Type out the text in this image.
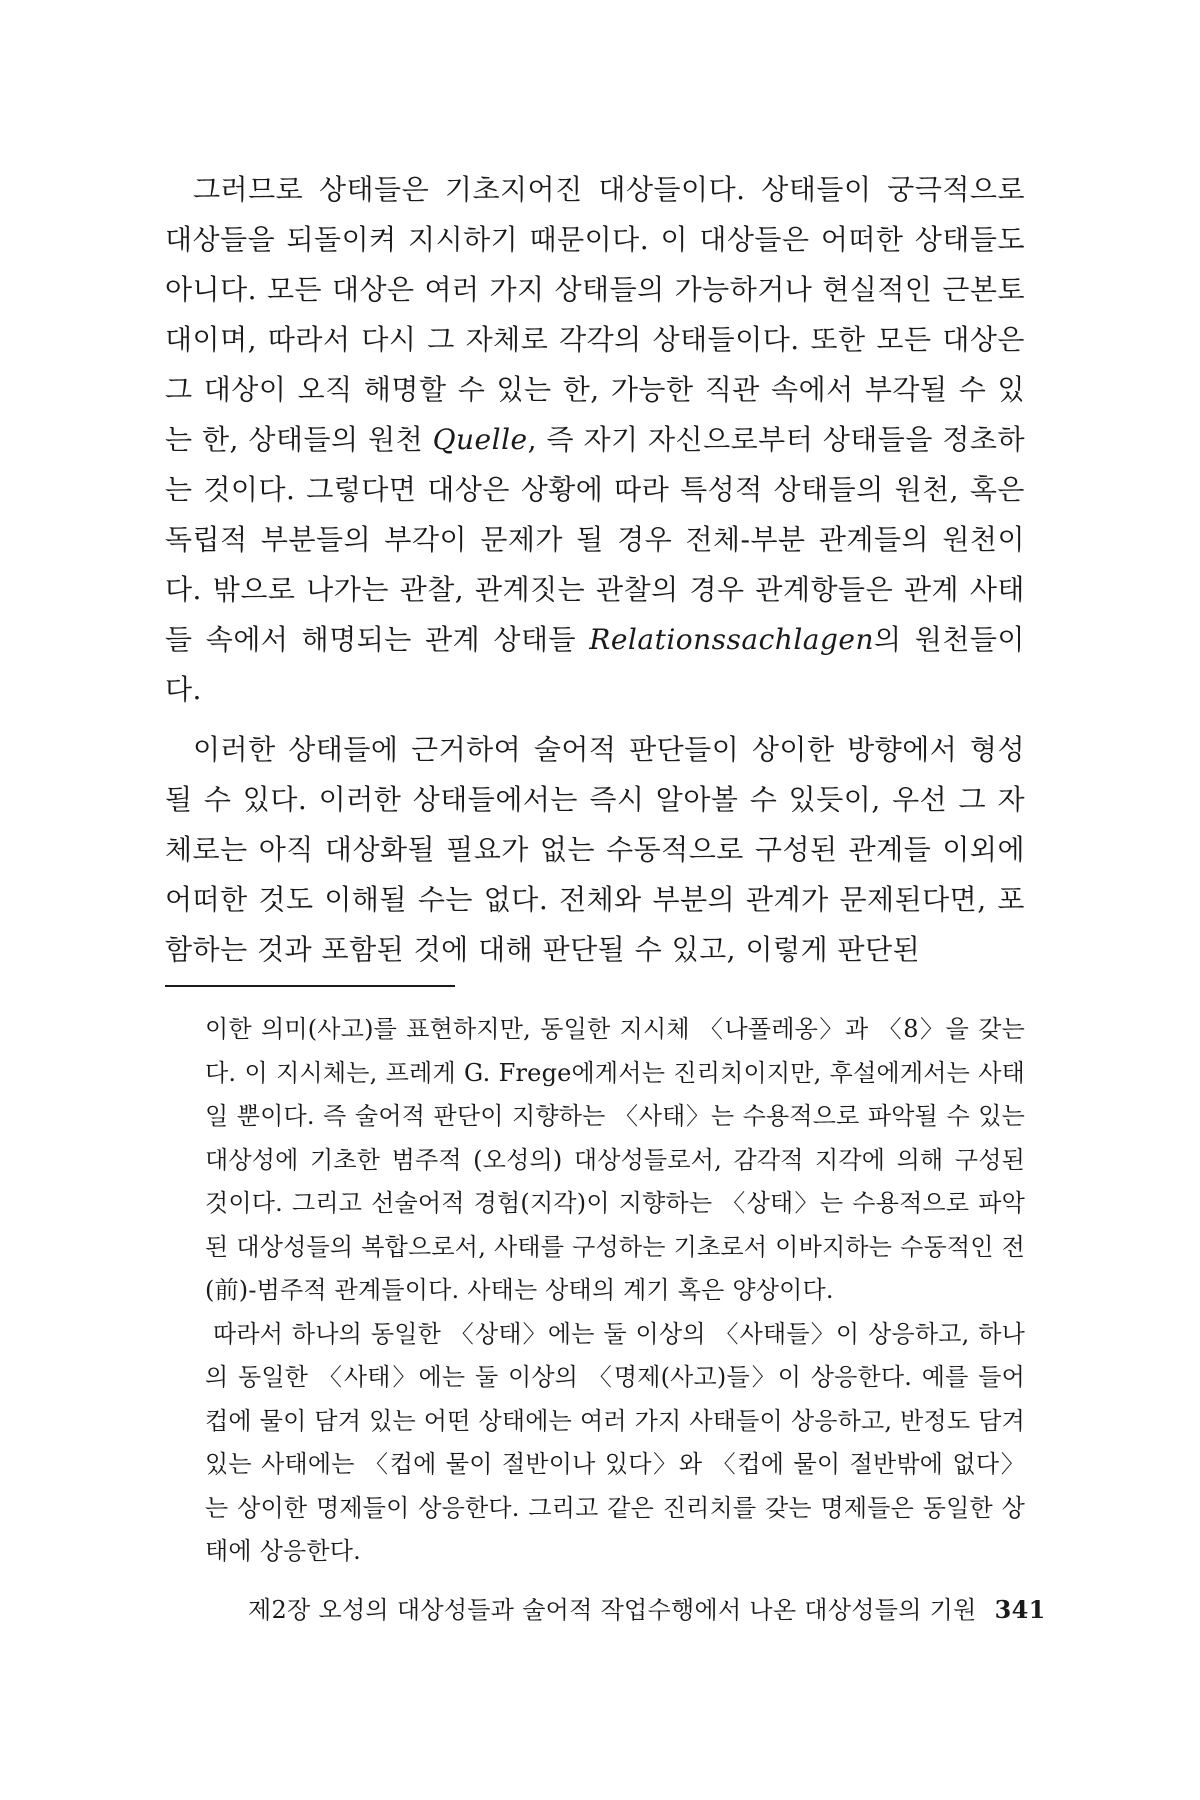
그러므로 상태들은 기초지어진 대상들이다. 상태들이 궁극적으로 대상들을 되돌이켜 지시하기 때문이다. 이 대상들은 어떠한 상태들도 아니다. 모든 대상은 여러 가지 상태들의 가능하거나 현실적인 근본토대이며, 따라서 다시 그 자체로 각각의 상태들이다. 또한 모든 대상은 그 대상이 오직 해명할 수 있는 한, 가능한 직관 속에서 부각될 수 있는 한, 상태들의 원천 Quelle, 즉 자기 자신으로부터 상태들을 정초하는 것이다. 그렇다면 대상은 상황에 따라 특성적 상태들의 원천, 혹은 독립적 부분들의 부각이 문제가 될 경우 전체-부분 관계들의 원천이다. 밖으로 나가는 관찰, 관계짓는 관찰의 경우 관계항들은 관계 사태들 속에서 해명되는 관계 상태들 Relationssachlagen의 원천들이다.

이러한 상태들에 근거하여 술어적 판단들이 상이한 방향에서 형성될 수 있다. 이러한 상태들에서는 즉시 알아볼 수 있듯이, 우선 그 자체로는 아직 대상화될 필요가 없는 수동적으로 구성된 관계들 이외에 어떠한 것도 이해될 수는 없다. 전체와 부분의 관계가 문제된다면, 포함하는 것과 포함된 것에 대해 판단될 수 있고, 이렇게 판단된

이한 의미(사고)를 표현하지만, 동일한 지시체 〈나폴레옹〉과 〈8〉을 갖는다. 이 지시체는, 프레게 G. Frege에게서는 진리치이지만, 후설에게서는 사태일 뿐이다. 즉 술어적 판단이 지향하는 〈사태〉는 수용적으로 파악될 수 있는 대상성에 기초한 범주적 (오성의) 대상성들로서, 감각적 지각에 의해 구성된 것이다. 그리고 선술어적 경험(지각)이 지향하는 〈상태〉는 수용적으로 파악된 대상성들의 복합으로서, 사태를 구성하는 기초로서 이바지하는 수동적인 전(前)-범주적 관계들이다. 사태는 상태의 계기 혹은 양상이다.

따라서 하나의 동일한 〈상태〉에는 둘 이상의 〈사태들〉이 상응하고, 하나의 동일한 〈사태〉에는 둘 이상의 〈명제(사고)들〉이 상응한다. 예를 들어 컵에 물이 담겨 있는 어떤 상태에는 여러 가지 사태들이 상응하고, 반정도 담겨 있는 사태에는 〈컵에 물이 절반이나 있다〉와 〈컵에 물이 절반밖에 없다〉는 상이한 명제들이 상응한다. 그리고 같은 진리치를 갖는 명제들은 동일한 상태에 상응한다.

제2장 오성의 대상성들과 술어적 작업수행에서 나온 대상성들의 기원 341
